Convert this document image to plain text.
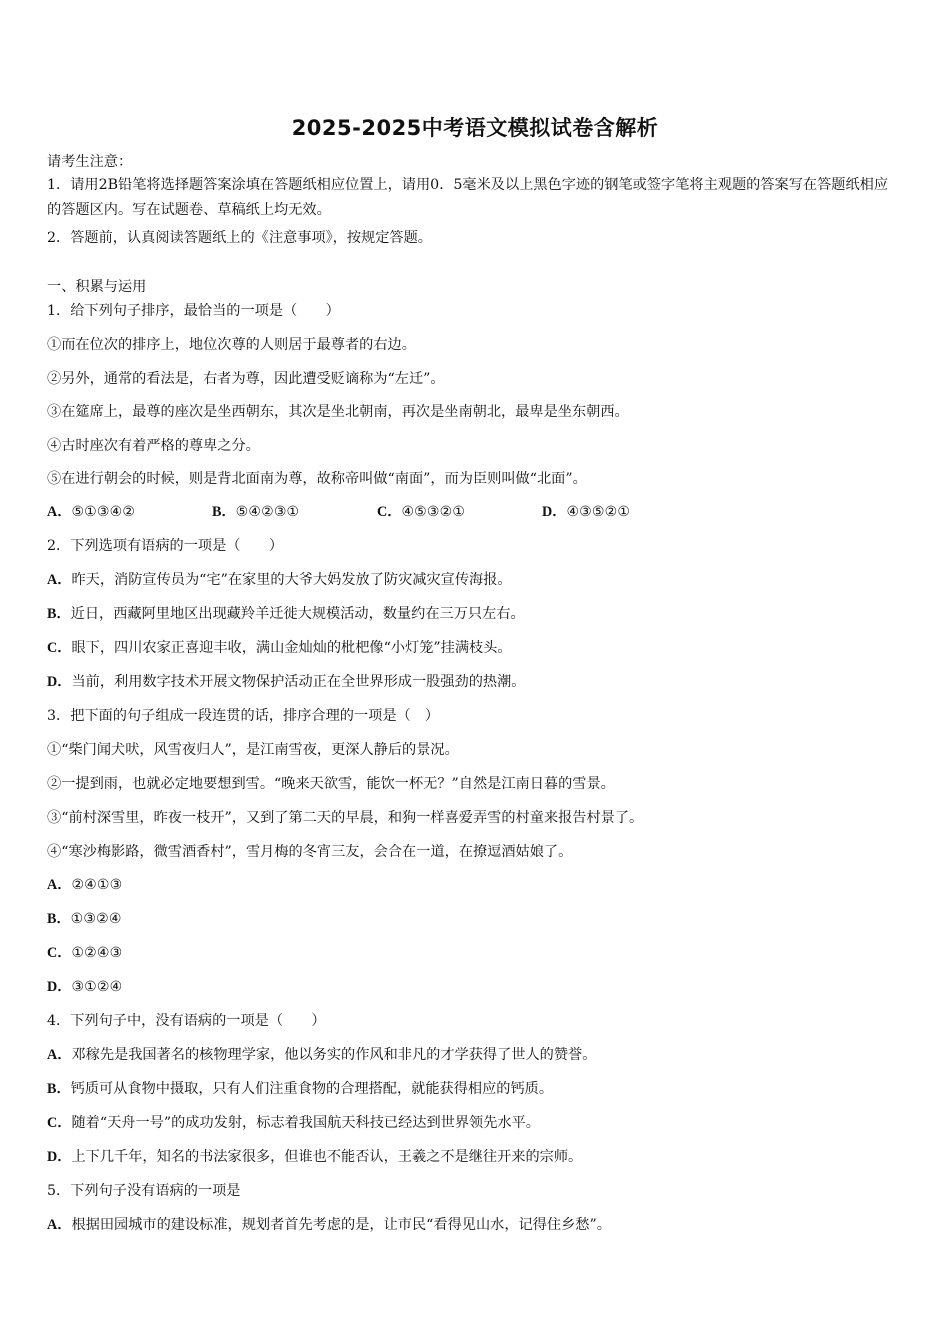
2025-2025中考语文模拟试卷含解析
请考生注意：
1．请用2B铅笔将选择题答案涂填在答题纸相应位置上，请用0．5毫米及以上黑色字迹的钢笔或签字笔将主观题的答案写在答题纸相应的答题区内。写在试题卷、草稿纸上均无效。
2．答题前，认真阅读答题纸上的《注意事项》，按规定答题。
一、积累与运用
1．给下列句子排序，最恰当的一项是（　　）
①而在位次的排序上，地位次尊的人则居于最尊者的右边。
②另外，通常的看法是，右者为尊，因此遭受贬谪称为“左迁”。
③在筵席上，最尊的座次是坐西朝东，其次是坐北朝南，再次是坐南朝北，最卑是坐东朝西。
④古时座次有着严格的尊卑之分。
⑤在进行朝会的时候，则是背北面南为尊，故称帝叫做“南面”，而为臣则叫做“北面”。
A．⑤①③④②	B．⑤④②③①	C．④⑤③②①	D．④③⑤②①
2．下列选项有语病的一项是（　　）
A．昨天，消防宣传员为“宅”在家里的大爷大妈发放了防灾减灾宣传海报。
B．近日，西藏阿里地区出现藏羚羊迁徙大规模活动，数量约在三万只左右。
C．眼下，四川农家正喜迎丰收，满山金灿灿的枇杷像“小灯笼”挂满枝头。
D．当前，利用数字技术开展文物保护活动正在全世界形成一股强劲的热潮。
3．把下面的句子组成一段连贯的话，排序合理的一项是（　）
①“柴门闻犬吠，风雪夜归人”，是江南雪夜，更深人静后的景况。
②一提到雨，也就必定地要想到雪。“晚来天欲雪，能饮一杯无？”自然是江南日暮的雪景。
③“前村深雪里，昨夜一枝开”，又到了第二天的早晨，和狗一样喜爱弄雪的村童来报告村景了。
④“寒沙梅影路，微雪酒香村”，雪月梅的冬宵三友，会合在一道，在撩逗酒姑娘了。
A．②④①③
B．①③②④
C．①②④③
D．③①②④
4．下列句子中，没有语病的一项是（　　）
A．邓稼先是我国著名的核物理学家，他以务实的作风和非凡的才学获得了世人的赞誉。
B．钙质可从食物中摄取，只有人们注重食物的合理搭配，就能获得相应的钙质。
C．随着“天舟一号”的成功发射，标志着我国航天科技已经达到世界领先水平。
D．上下几千年，知名的书法家很多，但谁也不能否认，王羲之不是继往开来的宗师。
5．下列句子没有语病的一项是
A．根据田园城市的建设标准，规划者首先考虑的是，让市民“看得见山水，记得住乡愁”。
